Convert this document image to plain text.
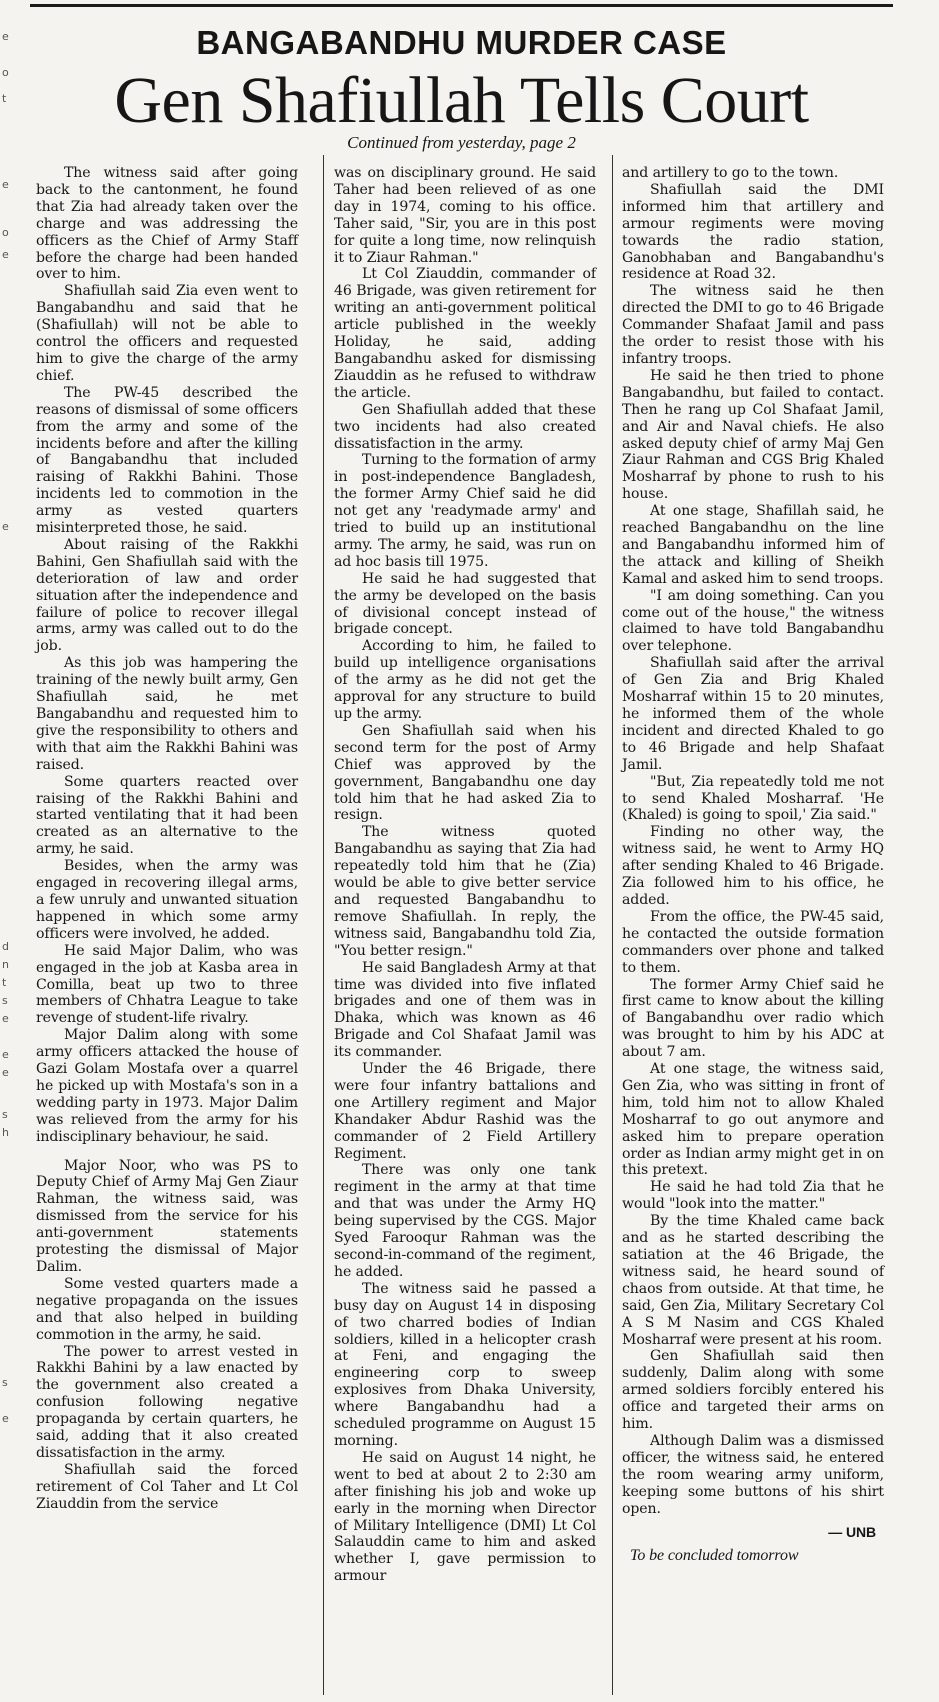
e
o
t
e
o
e
e
d
n
t
s
e
e
e
s
h
s
e
BANGABANDHU MURDER CASE
Gen Shafiullah Tells Court
Continued from yesterday, page 2

The witness said after going back to the cantonment, he found that Zia had already taken over the charge and was addressing the officers as the Chief of Army Staff before the charge had been handed over to him.

Shafiullah said Zia even went to Bangabandhu and said that he (Shafiullah) will not be able to control the officers and requested him to give the charge of the army chief.

The PW-45 described the reasons of dismissal of some officers from the army and some of the incidents before and after the killing of Bangabandhu that included raising of Rakkhi Bahini. Those incidents led to commotion in the army as vested quarters misinterpreted those, he said.

About raising of the Rakkhi Bahini, Gen Shafiullah said with the deterioration of law and order situation after the independence and failure of police to recover illegal arms, army was called out to do the job.

As this job was hampering the training of the newly built army, Gen Shafiullah said, he met Bangabandhu and requested him to give the responsibility to others and with that aim the Rakkhi Bahini was raised.

Some quarters reacted over raising of the Rakkhi Bahini and started ventilating that it had been created as an alternative to the army, he said.

Besides, when the army was engaged in recovering illegal arms, a few unruly and unwanted situation happened in which some army officers were involved, he added.

He said Major Dalim, who was engaged in the job at Kasba area in Comilla, beat up two to three members of Chhatra League to take revenge of student-life rivalry.

Major Dalim along with some army officers attacked the house of Gazi Golam Mostafa over a quarrel he picked up with Mostafa's son in a wedding party in 1973. Major Dalim was relieved from the army for his indisciplinary behaviour, he said.

Major Noor, who was PS to Deputy Chief of Army Maj Gen Ziaur Rahman, the witness said, was dismissed from the service for his anti-government statements protesting the dismissal of Major Dalim.

Some vested quarters made a negative propaganda on the issues and that also helped in building commotion in the army, he said.

The power to arrest vested in Rakkhi Bahini by a law enacted by the government also created a confusion following negative propaganda by certain quarters, he said, adding that it also created dissatisfaction in the army.

Shafiullah said the forced retirement of Col Taher and Lt Col Ziauddin from the service

was on disciplinary ground. He said Taher had been relieved of as one day in 1974, coming to his office. Taher said, "Sir, you are in this post for quite a long time, now relinquish it to Ziaur Rahman."

Lt Col Ziauddin, commander of 46 Brigade, was given retirement for writing an anti-government political article published in the weekly Holiday, he said, adding Bangabandhu asked for dismissing Ziauddin as he refused to withdraw the article.

Gen Shafiullah added that these two incidents had also created dissatisfaction in the army.

Turning to the formation of army in post-independence Bangladesh, the former Army Chief said he did not get any 'readymade army' and tried to build up an institutional army. The army, he said, was run on ad hoc basis till 1975.

He said he had suggested that the army be developed on the basis of divisional concept instead of brigade concept.

According to him, he failed to build up intelligence organisations of the army as he did not get the approval for any structure to build up the army.

Gen Shafiullah said when his second term for the post of Army Chief was approved by the government, Bangabandhu one day told him that he had asked Zia to resign.

The witness quoted Bangabandhu as saying that Zia had repeatedly told him that he (Zia) would be able to give better service and requested Bangabandhu to remove Shafiullah. In reply, the witness said, Bangabandhu told Zia, "You better resign."

He said Bangladesh Army at that time was divided into five inflated brigades and one of them was in Dhaka, which was known as 46 Brigade and Col Shafaat Jamil was its commander.

Under the 46 Brigade, there were four infantry battalions and one Artillery regiment and Major Khandaker Abdur Rashid was the commander of 2 Field Artillery Regiment.

There was only one tank regiment in the army at that time and that was under the Army HQ being supervised by the CGS. Major Syed Farooqur Rahman was the second-in-command of the regiment, he added.

The witness said he passed a busy day on August 14 in disposing of two charred bodies of Indian soldiers, killed in a helicopter crash at Feni, and engaging the engineering corp to sweep explosives from Dhaka University, where Bangabandhu had a scheduled programme on August 15 morning.

He said on August 14 night, he went to bed at about 2 to 2:30 am after finishing his job and woke up early in the morning when Director of Military Intelligence (DMI) Lt Col Salauddin came to him and asked whether I, gave permission to armour

and artillery to go to the town.

Shafiullah said the DMI informed him that artillery and armour regiments were moving towards the radio station, Ganobhaban and Bangabandhu's residence at Road 32.

The witness said he then directed the DMI to go to 46 Brigade Commander Shafaat Jamil and pass the order to resist those with his infantry troops.

He said he then tried to phone Bangabandhu, but failed to contact. Then he rang up Col Shafaat Jamil, and Air and Naval chiefs. He also asked deputy chief of army Maj Gen Ziaur Rahman and CGS Brig Khaled Mosharraf by phone to rush to his house.

At one stage, Shafillah said, he reached Bangabandhu on the line and Bangabandhu informed him of the attack and killing of Sheikh Kamal and asked him to send troops.

"I am doing something. Can you come out of the house," the witness claimed to have told Bangabandhu over telephone.

Shafiullah said after the arrival of Gen Zia and Brig Khaled Mosharraf within 15 to 20 minutes, he informed them of the whole incident and directed Khaled to go to 46 Brigade and help Shafaat Jamil.

"But, Zia repeatedly told me not to send Khaled Mosharraf. 'He (Khaled) is going to spoil,' Zia said."

Finding no other way, the witness said, he went to Army HQ after sending Khaled to 46 Brigade. Zia followed him to his office, he added.

From the office, the PW-45 said, he contacted the outside formation commanders over phone and talked to them.

The former Army Chief said he first came to know about the killing of Bangabandhu over radio which was brought to him by his ADC at about 7 am.

At one stage, the witness said, Gen Zia, who was sitting in front of him, told him not to allow Khaled Mosharraf to go out anymore and asked him to prepare operation order as Indian army might get in on this pretext.

He said he had told Zia that he would "look into the matter."

By the time Khaled came back and as he started describing the satiation at the 46 Brigade, the witness said, he heard sound of chaos from outside. At that time, he said, Gen Zia, Military Secretary Col A S M Nasim and CGS Khaled Mosharraf were present at his room.

Gen Shafiullah said then suddenly, Dalim along with some armed soldiers forcibly entered his office and targeted their arms on him.

Although Dalim was a dismissed officer, the witness said, he entered the room wearing army uniform, keeping some buttons of his shirt open.

— UNB
To be concluded tomorrow
